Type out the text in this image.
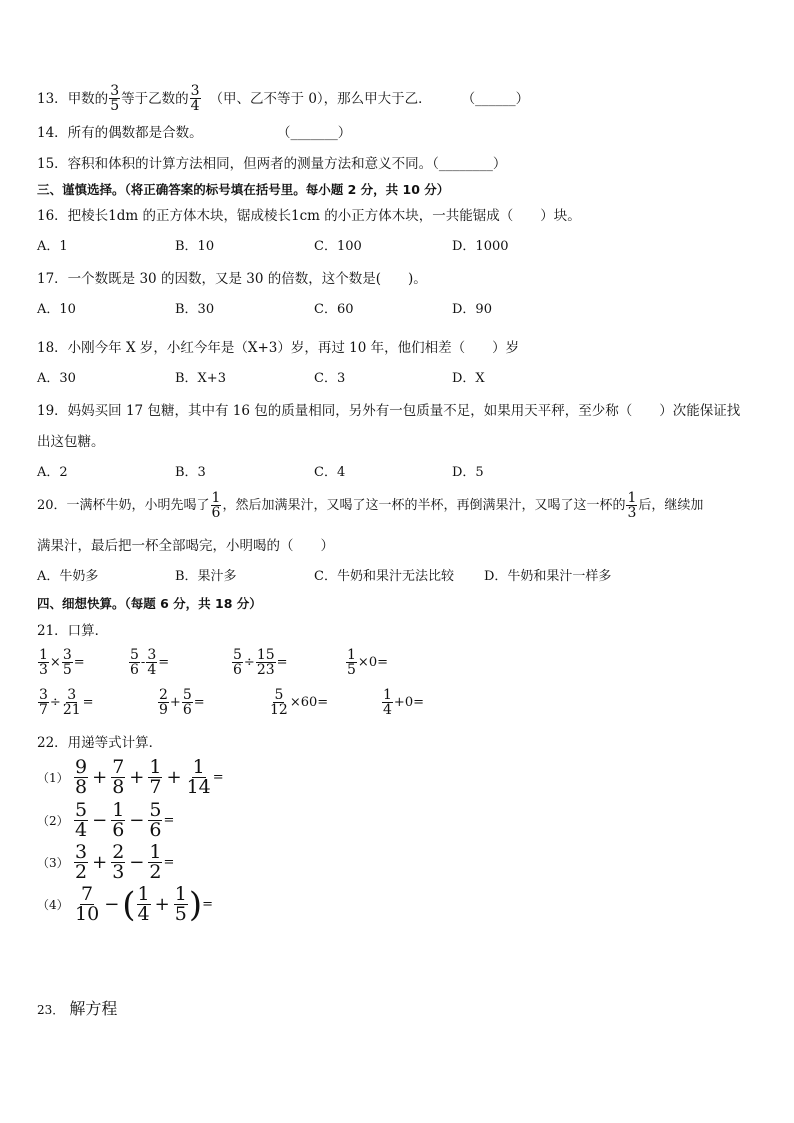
13． 甲数的 $\frac{3}{5}$ 等于乙数的 $\frac{3}{4}$ （甲、乙不等于 0），那么甲大于乙． （______）
14．所有的偶数都是合数。	（_______）
15．容积和体积的计算方法相同，但两者的测量方法和意义不同。（________）
三、谨慎选择。（将正确答案的标号填在括号里。每小题 2 分，共 10 分）
16．把棱长1dm 的正方体木块，锯成棱长1cm 的小正方体木块，一共能锯成（　　）块。
A．1	B．10	C．100	D．1000
17．一个数既是 30 的因数，又是 30 的倍数，这个数是(　　)。
A．10	B．30	C．60	D．90
18．小刚今年 X 岁，小红今年是（X+3）岁，再过 10 年，他们相差（　　）岁
A．30	B．X+3	C．3	D．X
19．妈妈买回 17 包糖，其中有 16 包的质量相同，另外有一包质量不足，如果用天平秤，至少称（　　）次能保证找
出这包糖。
A．2	B．3	C．4	D．5
20．一满杯牛奶，小明先喝了 $\frac{1}{6}$ ，然后加满果汁，又喝了这一杯的半杯，再倒满果汁，又喝了这一杯的 $\frac{1}{3}$ 后，继续加
满果汁，最后把一杯全部喝完，小明喝的（　　）
A．牛奶多	B．果汁多	C．牛奶和果汁无法比较 D．牛奶和果汁一样多
四、细想快算。（每题 6 分，共 18 分）
21．口算．
$\frac{1}{3} \times \frac{3}{5}$ =	$\frac{5}{6} - \frac{3}{4}$ =	$\frac{5}{6} \div \frac{15}{23}$ =	$\frac{1}{5} \times 0=$
$\frac{3}{7} \div \frac{3}{21}$ =	$\frac{2}{9} + \frac{5}{6}$ =	$\frac{5}{12} \times 60=$	$\frac{1}{4} +0=$
22．用递等式计算．
$(1) \frac{9}{8} + \frac{7}{8} + \frac{1}{7} + \frac{1}{14}$ =
$(2) \frac{5}{4} - \frac{1}{6} - \frac{5}{6}$ =
$(3) \frac{3}{2} + \frac{2}{3} - \frac{1}{2}$ =
$(4) \frac{7}{10}$ − ( $\frac{1}{4} + \frac{1}{5}$ ) =
23． 解方程
